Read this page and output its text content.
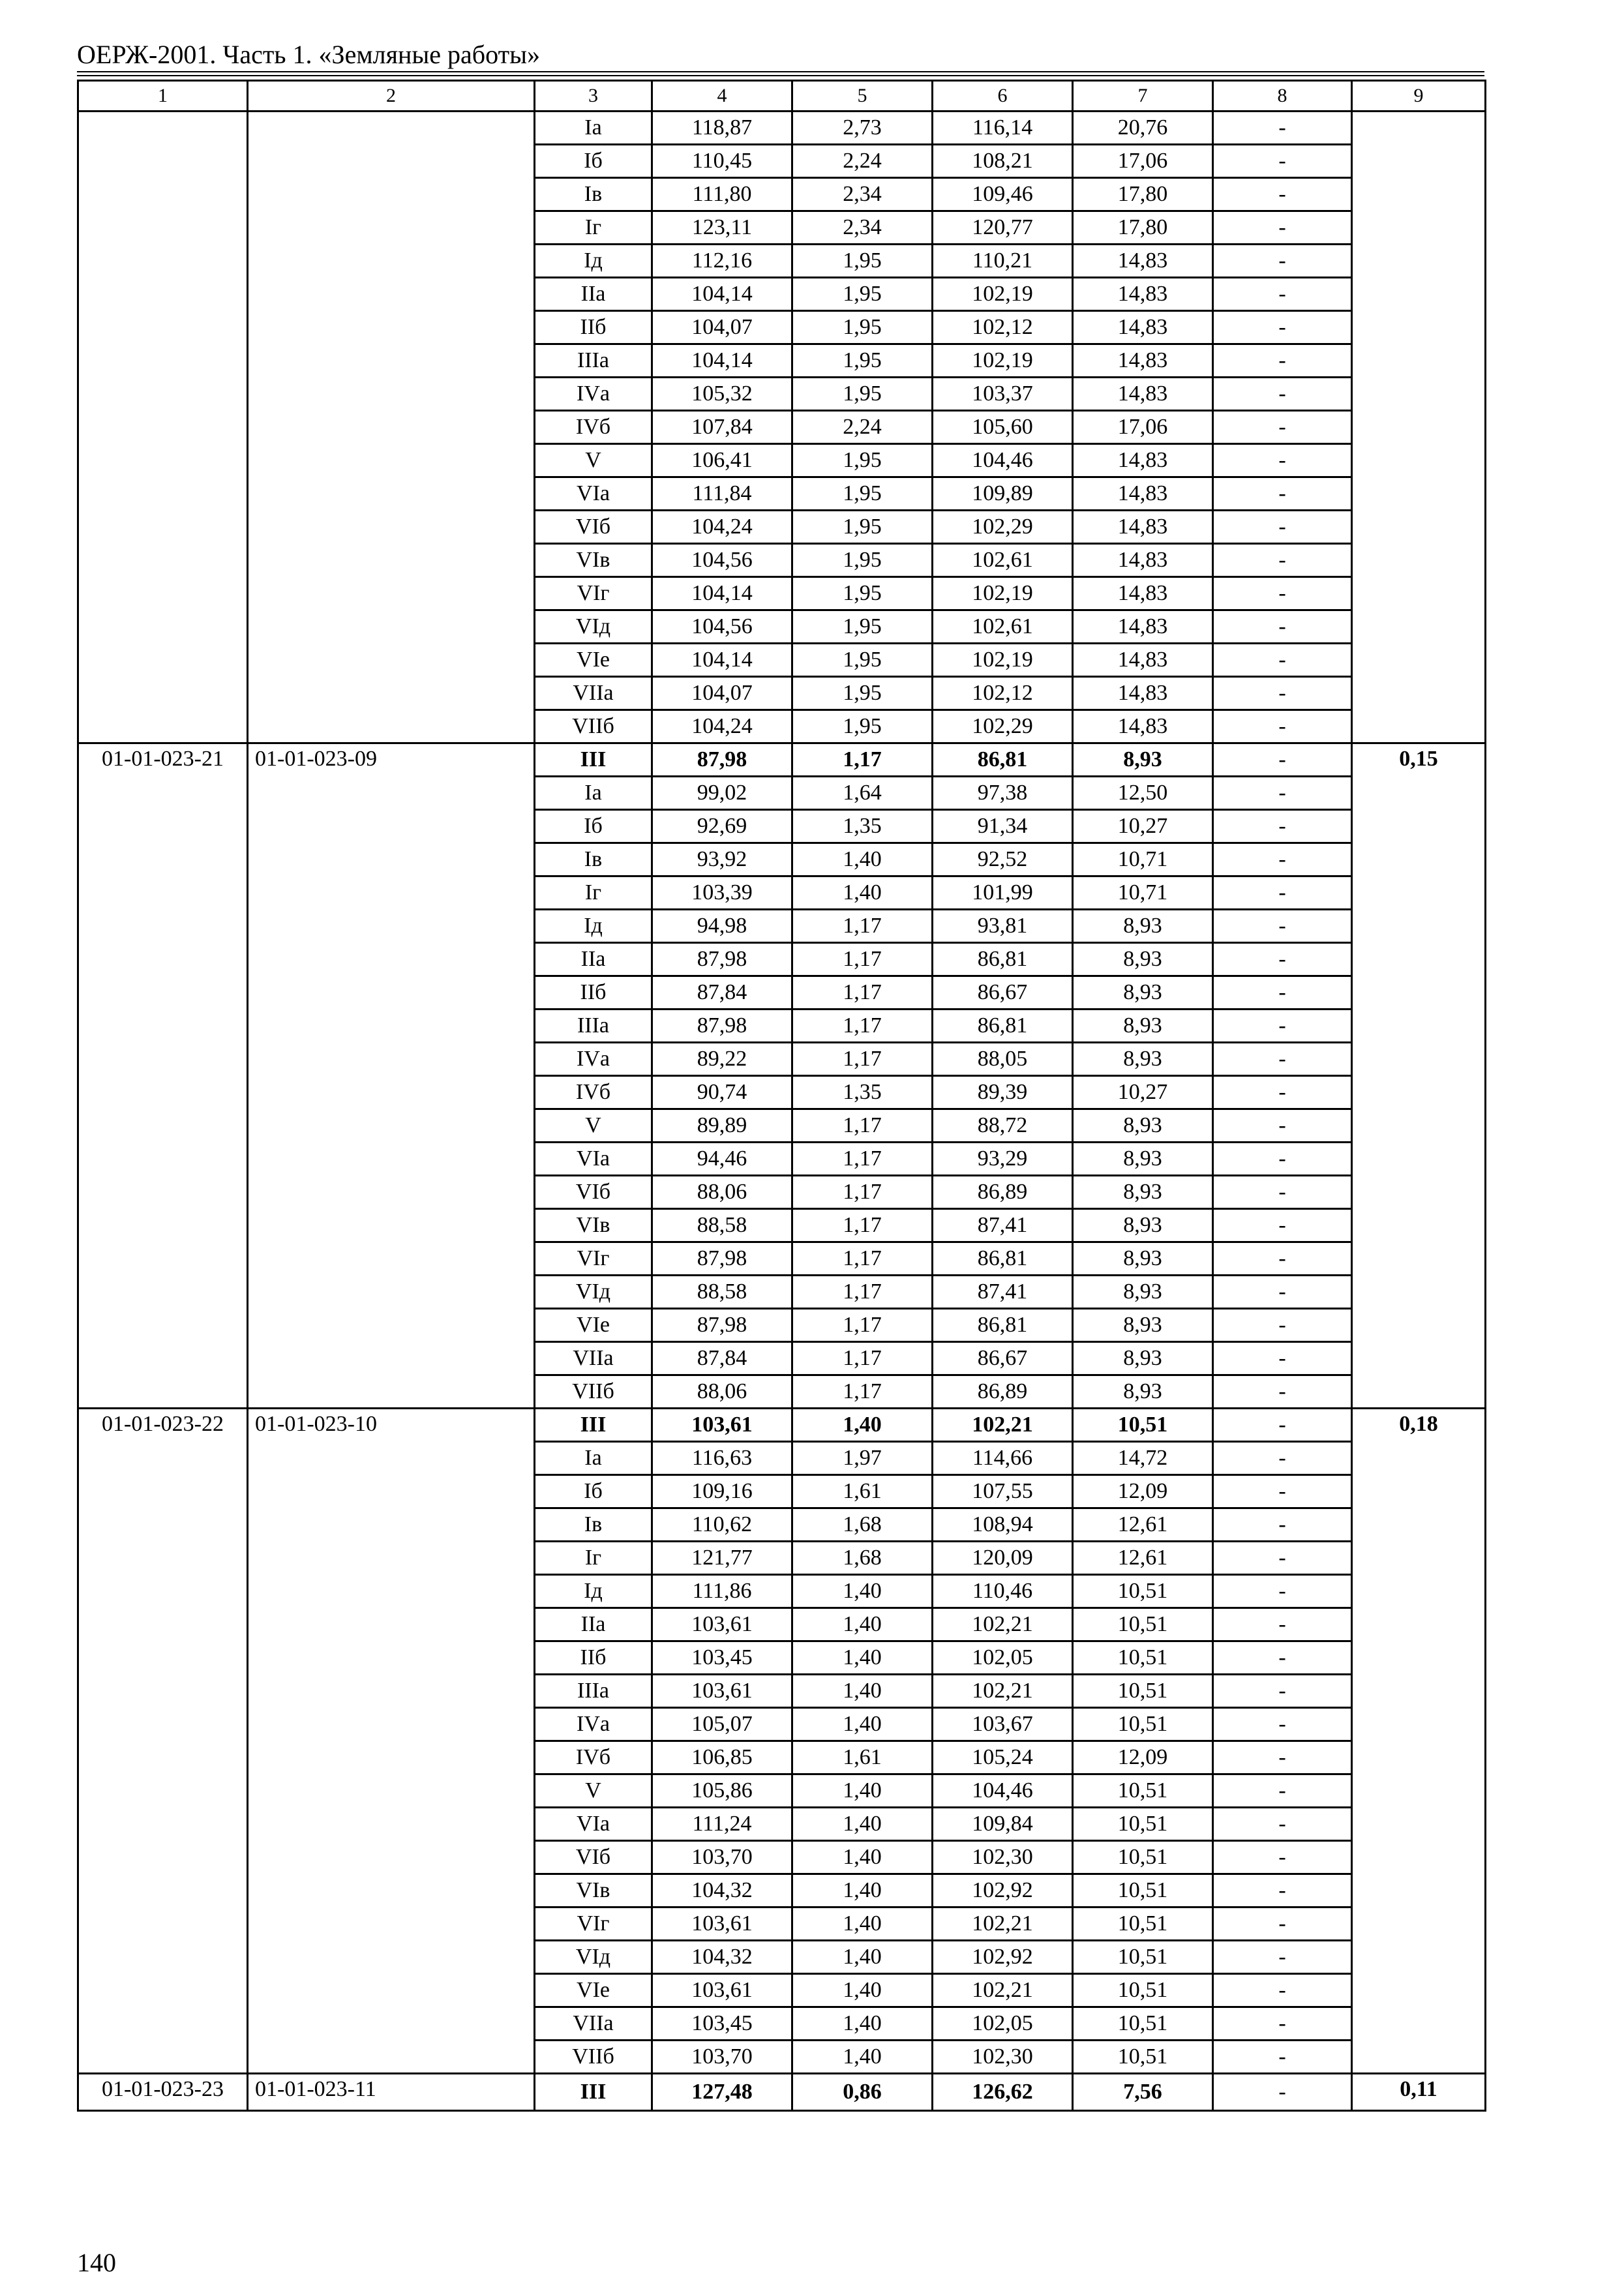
ОЕРЖ-2001. Часть 1. «Земляные работы»
1	2	3	4	5	6	7	8	9
		Iа	118,87	2,73	116,14	20,76	-	
		Iб	110,45	2,24	108,21	17,06	-	
		Iв	111,80	2,34	109,46	17,80	-	
		Iг	123,11	2,34	120,77	17,80	-	
		Iд	112,16	1,95	110,21	14,83	-	
		IIа	104,14	1,95	102,19	14,83	-	
		IIб	104,07	1,95	102,12	14,83	-	
		IIIа	104,14	1,95	102,19	14,83	-	
		IVа	105,32	1,95	103,37	14,83	-	
		IVб	107,84	2,24	105,60	17,06	-	
		V	106,41	1,95	104,46	14,83	-	
		VIа	111,84	1,95	109,89	14,83	-	
		VIб	104,24	1,95	102,29	14,83	-	
		VIв	104,56	1,95	102,61	14,83	-	
		VIг	104,14	1,95	102,19	14,83	-	
		VIд	104,56	1,95	102,61	14,83	-	
		VIе	104,14	1,95	102,19	14,83	-	
		VIIа	104,07	1,95	102,12	14,83	-	
		VIIб	104,24	1,95	102,29	14,83	-	
01-01-023-21	01-01-023-09	III	87,98	1,17	86,81	8,93	-	0,15
		Iа	99,02	1,64	97,38	12,50	-	
		Iб	92,69	1,35	91,34	10,27	-	
		Iв	93,92	1,40	92,52	10,71	-	
		Iг	103,39	1,40	101,99	10,71	-	
		Iд	94,98	1,17	93,81	8,93	-	
		IIа	87,98	1,17	86,81	8,93	-	
		IIб	87,84	1,17	86,67	8,93	-	
		IIIа	87,98	1,17	86,81	8,93	-	
		IVа	89,22	1,17	88,05	8,93	-	
		IVб	90,74	1,35	89,39	10,27	-	
		V	89,89	1,17	88,72	8,93	-	
		VIа	94,46	1,17	93,29	8,93	-	
		VIб	88,06	1,17	86,89	8,93	-	
		VIв	88,58	1,17	87,41	8,93	-	
		VIг	87,98	1,17	86,81	8,93	-	
		VIд	88,58	1,17	87,41	8,93	-	
		VIе	87,98	1,17	86,81	8,93	-	
		VIIа	87,84	1,17	86,67	8,93	-	
		VIIб	88,06	1,17	86,89	8,93	-	
01-01-023-22	01-01-023-10	III	103,61	1,40	102,21	10,51	-	0,18
		Iа	116,63	1,97	114,66	14,72	-	
		Iб	109,16	1,61	107,55	12,09	-	
		Iв	110,62	1,68	108,94	12,61	-	
		Iг	121,77	1,68	120,09	12,61	-	
		Iд	111,86	1,40	110,46	10,51	-	
		IIа	103,61	1,40	102,21	10,51	-	
		IIб	103,45	1,40	102,05	10,51	-	
		IIIа	103,61	1,40	102,21	10,51	-	
		IVа	105,07	1,40	103,67	10,51	-	
		IVб	106,85	1,61	105,24	12,09	-	
		V	105,86	1,40	104,46	10,51	-	
		VIа	111,24	1,40	109,84	10,51	-	
		VIб	103,70	1,40	102,30	10,51	-	
		VIв	104,32	1,40	102,92	10,51	-	
		VIг	103,61	1,40	102,21	10,51	-	
		VIд	104,32	1,40	102,92	10,51	-	
		VIе	103,61	1,40	102,21	10,51	-	
		VIIа	103,45	1,40	102,05	10,51	-	
		VIIб	103,70	1,40	102,30	10,51	-	
01-01-023-23	01-01-023-11	III	127,48	0,86	126,62	7,56	-	0,11
140
